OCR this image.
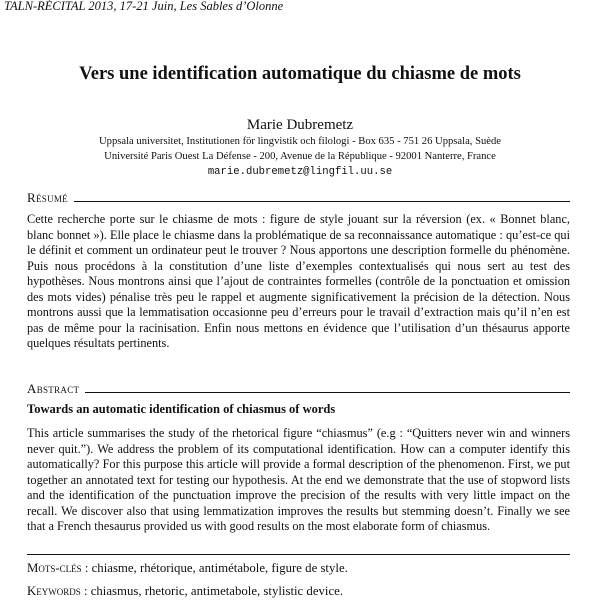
TALN-RÉCITAL 2013, 17-21 Juin, Les Sables d’Olonne
Vers une identification automatique du chiasme de mots
Marie Dubremetz
Uppsala universitet, Institutionen för lingvistik och filologi - Box 635 - 751 26 Uppsala, Suède
Université Paris Ouest La Défense - 200, Avenue de la République - 92001 Nanterre, France
marie.dubremetz@lingfil.uu.se
Résumé

Cette recherche porte sur le chiasme de mots : figure de style jouant sur la réversion (ex. « Bonnet blanc, blanc bonnet »). Elle place le chiasme dans la problématique de sa reconnaissance automatique : qu’est-ce qui le définit et comment un ordinateur peut le trouver ? Nous apportons une description formelle du phénomène. Puis nous procédons à la constitution d’une liste d’exemples contextualisés qui nous sert au test des hypothèses. Nous montrons ainsi que l’ajout de contraintes formelles (contrôle de la ponctuation et omission des mots vides) pénalise très peu le rappel et augmente significativement la précision de la détection. Nous montrons aussi que la lemmatisation occasionne peu d’erreurs pour le travail d’extraction mais qu’il n’en est pas de même pour la racinisation. Enfin nous mettons en évidence que l’utilisation d’un thésaurus apporte quelques résultats pertinents.

Abstract
Towards an automatic identification of chiasmus of words

This article summarises the study of the rhetorical figure “chiasmus” (e.g : “Quitters never win and winners never quit.”). We address the problem of its computational identification. How can a computer identify this automatically? For this purpose this article will provide a formal description of the phenomenon. First, we put together an annotated text for testing our hypothesis. At the end we demonstrate that the use of stopword lists and the identification of the punctuation improve the precision of the results with very little impact on the recall. We discover also that using lemmatization improves the results but stemming doesn’t. Finally we see that a French thesaurus provided us with good results on the most elaborate form of chiasmus.

Mots-clés : chiasme, rhétorique, antimétabole, figure de style.
Keywords : chiasmus, rhetoric, antimetabole, stylistic device.
